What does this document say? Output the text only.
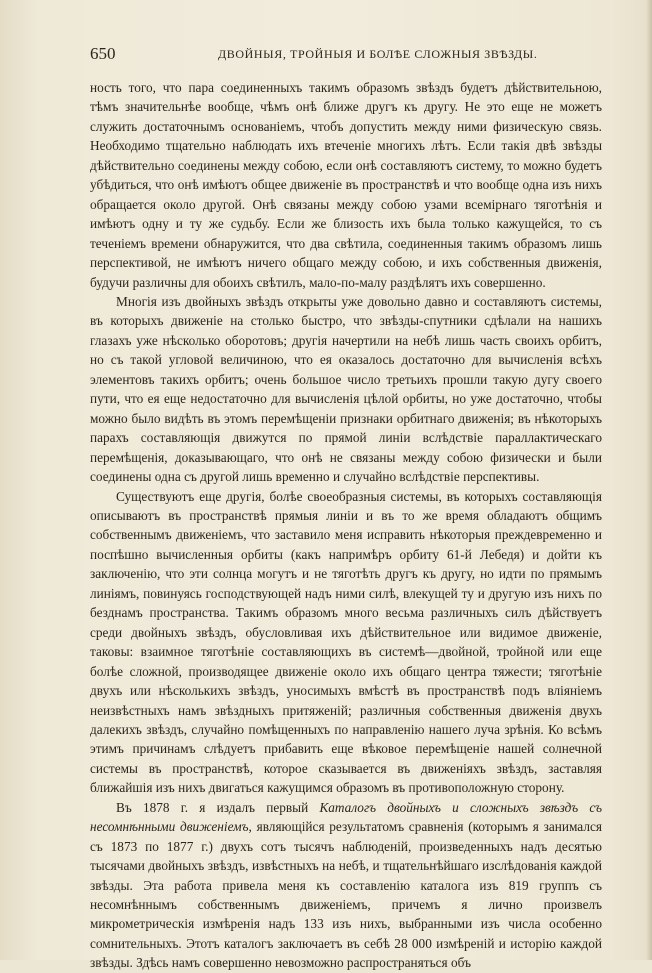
650	ДВОЙНЫЯ, ТРОЙНЫЯ И БОЛѢЕ СЛОЖНЫЯ ЗВѢЗДЫ.

ность того, что пара соединенныхъ такимъ образомъ звѣздъ будетъ дѣйствительною, тѣмъ значительнѣе вообще, чѣмъ онѣ ближе другъ къ другу. Не это еще не можетъ служить достаточнымъ основаніемъ, чтобъ допустить между ними физическую связь. Необходимо тщательно наблюдать ихъ втеченіе многихъ лѣтъ. Если такія двѣ звѣзды дѣйствительно соединены между собою, если онѣ составляютъ систему, то можно будетъ убѣдиться, что онѣ имѣютъ общее движеніе въ пространствѣ и что вообще одна изъ нихъ обращается около другой. Онѣ связаны между собою узами всемірнаго тяготѣнія и имѣютъ одну и ту же судьбу. Если же близость ихъ была только кажущейся, то съ теченіемъ времени обнаружится, что два свѣтила, соединенныя такимъ образомъ лишь перспективой, не имѣютъ ничего общаго между собою, и ихъ собственныя движенія, будучи различны для обоихъ свѣтилъ, мало-по-малу раздѣлятъ ихъ совершенно.

Многія изъ двойныхъ звѣздъ открыты уже довольно давно и составляютъ системы, въ которыхъ движеніе на столько быстро, что звѣзды-спутники сдѣлали на нашихъ глазахъ уже нѣсколько оборотовъ; другія начертили на небѣ лишь часть своихъ орбитъ, но съ такой угловой величиною, что ея оказалось достаточно для вычисленія всѣхъ элементовъ такихъ орбитъ; очень большое число третьихъ прошли такую дугу своего пути, что ея еще недостаточно для вычисленія цѣлой орбиты, но уже достаточно, чтобы можно было видѣть въ этомъ перемѣщеніи признаки орбитнаго движенія; въ нѣкоторыхъ парахъ составляющія движутся по прямой линіи вслѣдствіе параллактическаго перемѣщенія, доказывающаго, что онѣ не связаны между собою физически и были соединены одна съ другой лишь временно и случайно вслѣдствіе перспективы.

Существуютъ еще другія, болѣе своеобразныя системы, въ которыхъ составляющія описываютъ въ пространствѣ прямыя линіи и въ то же время обладаютъ общимъ собственнымъ движеніемъ, что заставило меня исправить нѣкоторыя преждевременно и поспѣшно вычисленныя орбиты (какъ напримѣръ орбиту 61-й Лебедя) и дойти къ заключенію, что эти солнца могутъ и не тяготѣть другъ къ другу, но идти по прямымъ линіямъ, повинуясь господствующей надъ ними силѣ, влекущей ту и другую изъ нихъ по безднамъ пространства. Такимъ образомъ много весьма различныхъ силъ дѣйствуетъ среди двойныхъ звѣздъ, обусловливая ихъ дѣйствительное или видимое движеніе, таковы: взаимное тяготѣніе составляющихъ въ системѣ—двойной, тройной или еще болѣе сложной, производящее движеніе около ихъ общаго центра тяжести; тяготѣніе двухъ или нѣсколькихъ звѣздъ, уносимыхъ вмѣстѣ въ пространствѣ подъ вліяніемъ неизвѣстныхъ намъ звѣздныхъ притяженій; различныя собственныя движенія двухъ далекихъ звѣздъ, случайно помѣщенныхъ по направленію нашего луча зрѣнія. Ко всѣмъ этимъ причинамъ слѣдуетъ прибавить еще вѣковое перемѣщеніе нашей солнечной системы въ пространствѣ, которое сказывается въ движеніяхъ звѣздъ, заставляя ближайшія изъ нихъ двигаться кажущимся образомъ въ противоположную сторону.

Въ 1878 г. я издалъ первый Каталогъ двойныхъ и сложныхъ звѣздъ съ несомнѣнными движеніемъ, являющійся результатомъ сравненія (которымъ я занимался съ 1873 по 1877 г.) двухъ сотъ тысячъ наблюденій, произведенныхъ надъ десятью тысячами двойныхъ звѣздъ, извѣстныхъ на небѣ, и тщательнѣйшаго изслѣдованія каждой звѣзды. Эта работа привела меня къ составленію каталога изъ 819 группъ съ несомнѣннымъ собственнымъ движеніемъ, причемъ я лично произвелъ микрометрическія измѣренія надъ 133 изъ нихъ, выбранными изъ числа особенно сомнительныхъ. Этотъ каталогъ заключаетъ въ себѣ 28 000 измѣреній и исторію каждой звѣзды. Здѣсь намъ совершенно невозможно распространяться объ
